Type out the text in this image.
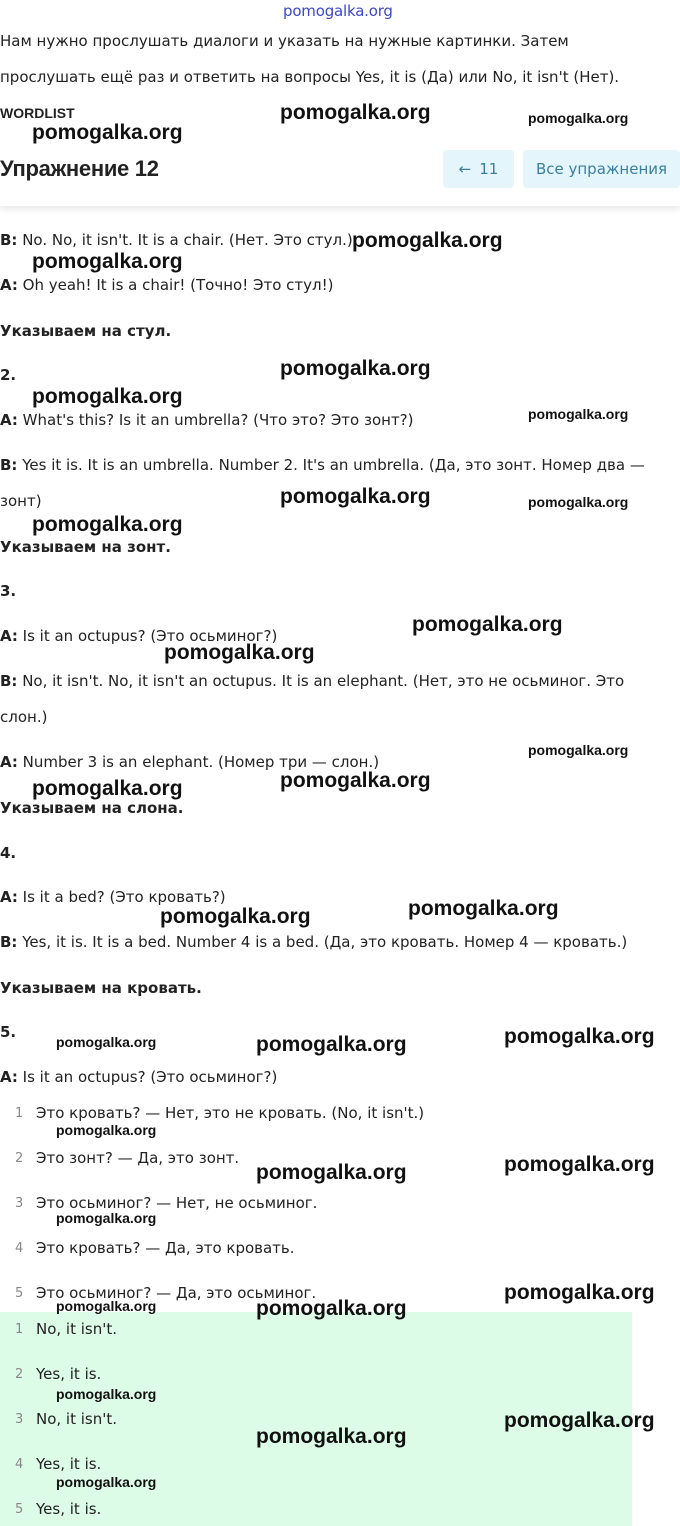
pomogalka.org
Нам нужно прослушать диалоги и указать на нужные картинки. Затем
прослушать ещё раз и ответить на вопросы Yes, it is (Да) или No, it isn't (Нет).
WORDLIST
Упражнение 12	← 11	Все упражнения
B: No. No, it isn't. It is a chair. (Нет. Это стул.)
A: Oh yeah! It is a chair! (Точно! Это стул!)
Указываем на стул.
2.
A: What's this? Is it an umbrella? (Что это? Это зонт?)
B: Yes it is. It is an umbrella. Number 2. It's an umbrella. (Да, это зонт. Номер два —
зонт)
Указываем на зонт.
3.
A: Is it an octupus? (Это осьминог?)
B: No, it isn't. No, it isn't an octupus. It is an elephant. (Нет, это не осьминог. Это
слон.)
A: Number 3 is an elephant. (Номер три — слон.)
Указываем на слона.
4.
A: Is it a bed? (Это кровать?)
B: Yes, it is. It is a bed. Number 4 is a bed. (Да, это кровать. Номер 4 — кровать.)
Указываем на кровать.
5.
A: Is it an octupus? (Это осьминог?)
1 Это кровать? — Нет, это не кровать. (No, it isn't.)
2 Это зонт? — Да, это зонт.
3 Это осьминог? — Нет, не осьминог.
4 Это кровать? — Да, это кровать.
5 Это осьминог? — Да, это осьминог.
1 No, it isn't.
2 Yes, it is.
3 No, it isn't.
4 Yes, it is.
5 Yes, it is.
pomogalka.org	pomogalka.org
pomogalka.org
pomogalka.org
pomogalka.org
pomogalka.org
pomogalka.org
pomogalka.org
pomogalka.org	pomogalka.org
pomogalka.org
pomogalka.org
pomogalka.org
pomogalka.org
pomogalka.org
pomogalka.org
pomogalka.org
pomogalka.org
pomogalka.org	pomogalka.org	pomogalka.org
pomogalka.org
pomogalka.org	pomogalka.org
pomogalka.org
pomogalka.org
pomogalka.org	pomogalka.org
pomogalka.org
pomogalka.org
pomogalka.org
pomogalka.org
